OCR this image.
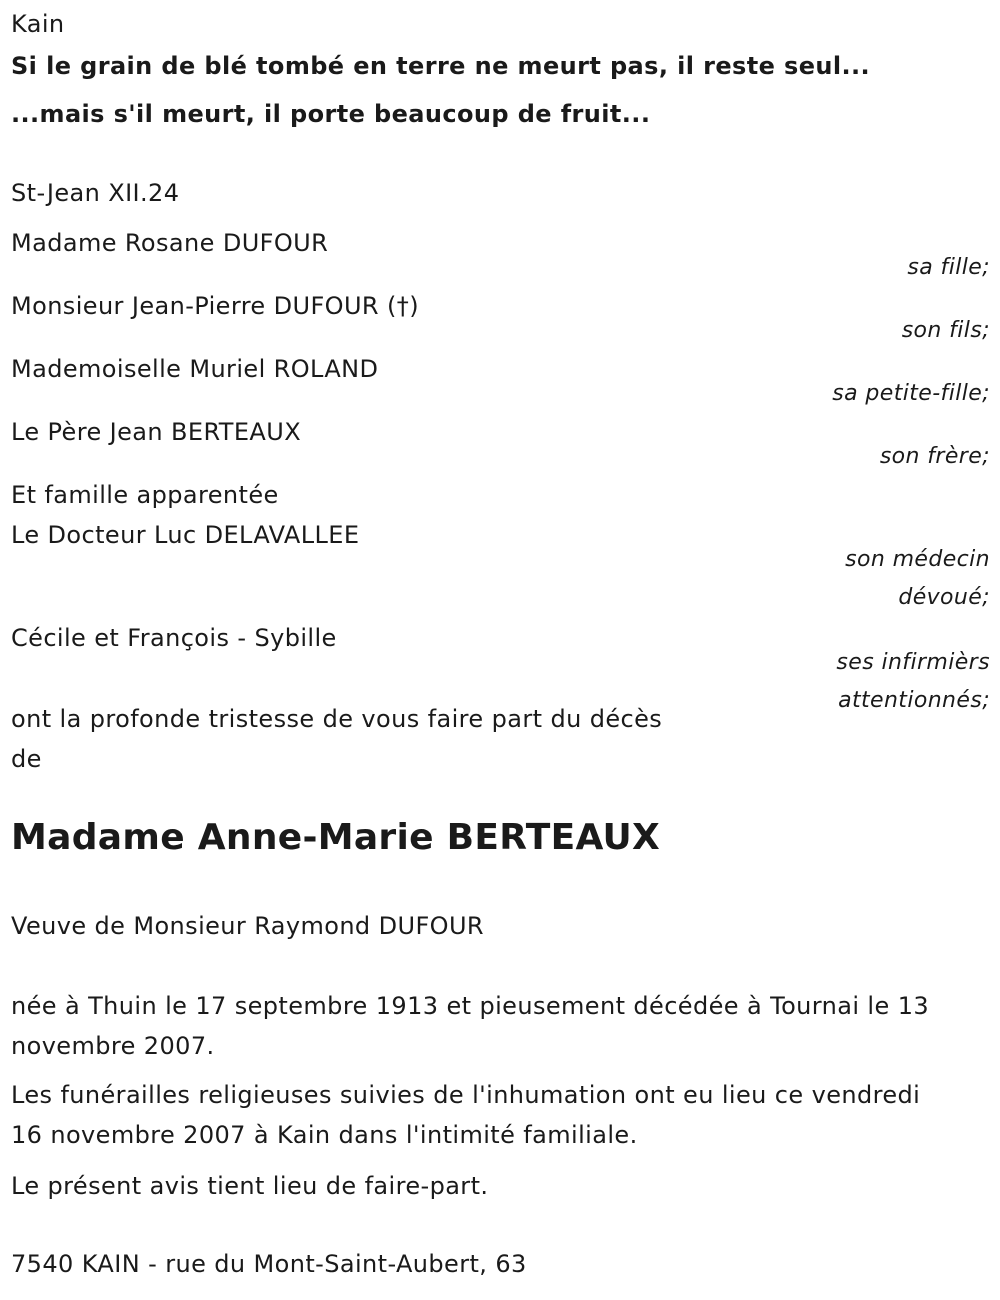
Kain
Si le grain de blé tombé en terre ne meurt pas, il reste seul...
...mais s'il meurt, il porte beaucoup de fruit...
St-Jean XII.24
Madame Rosane DUFOUR
sa fille;
Monsieur Jean-Pierre DUFOUR (†)
son fils;
Mademoiselle Muriel ROLAND
sa petite-fille;
Le Père Jean BERTEAUX
son frère;
Et famille apparentée
Le Docteur Luc DELAVALLEE
son médecin
dévoué;
Cécile et François - Sybille
ses infirmièrs
attentionnés;
ont la profonde tristesse de vous faire part du décès
de
Madame Anne-Marie BERTEAUX
Veuve de Monsieur Raymond DUFOUR
née à Thuin le 17 septembre 1913 et pieusement décédée à Tournai le 13
novembre 2007.
Les funérailles religieuses suivies de l'inhumation ont eu lieu ce vendredi
16 novembre 2007 à Kain dans l'intimité familiale.
Le présent avis tient lieu de faire-part.
7540 KAIN - rue du Mont-Saint-Aubert, 63
